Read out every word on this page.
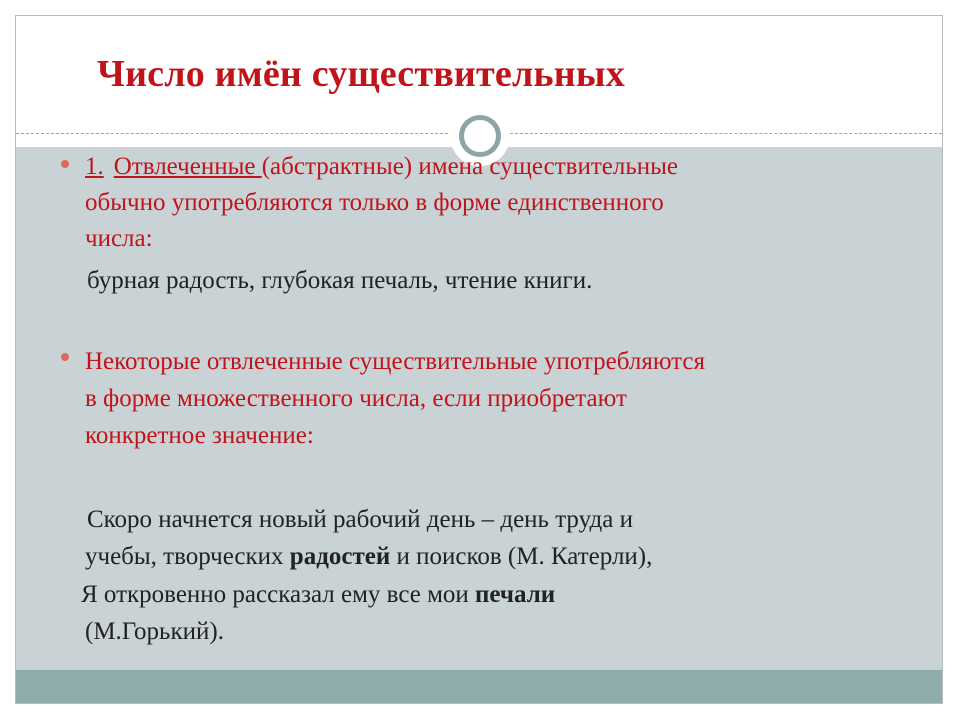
Число имён существительных

1. Отвлеченные (абстрактные) имена существительные

обычно употребляются только в форме единственного

числа:

бурная радость, глубокая печаль, чтение книги.

Некоторые отвлеченные существительные употребляются

в форме множественного числа, если приобретают

конкретное значение:

Скоро начнется новый рабочий день – день труда и

учебы, творческих радостей и поисков (М. Катерли),

Я откровенно рассказал ему все мои печали

(М.Горький).
